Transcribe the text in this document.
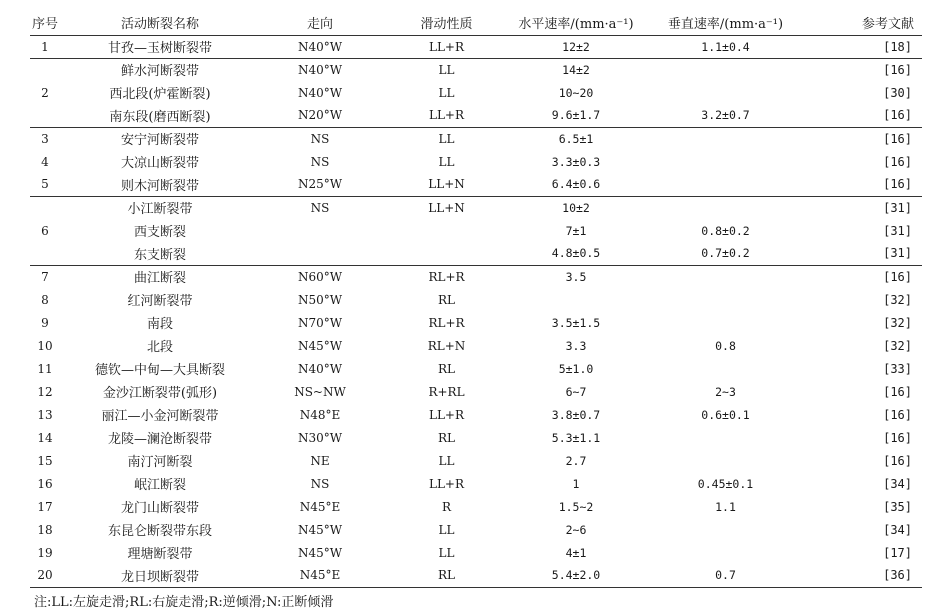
序号	活动断裂名称	走向	滑动性质	水平速率/(mm·a⁻¹)	垂直速率/(mm·a⁻¹)	参考文献
1	甘孜—玉树断裂带	N40°W	LL+R	12±2	1.1±0.4	[18]
	鲜水河断裂带	N40°W	LL	14±2		[16]
2	西北段(炉霍断裂)	N40°W	LL	10~20		[30]
	南东段(磨西断裂)	N20°W	LL+R	9.6±1.7	3.2±0.7	[16]
3	安宁河断裂带	NS	LL	6.5±1		[16]
4	大凉山断裂带	NS	LL	3.3±0.3		[16]
5	则木河断裂带	N25°W	LL+N	6.4±0.6		[16]
	小江断裂带	NS	LL+N	10±2		[31]
6	西支断裂			7±1	0.8±0.2	[31]
	东支断裂			4.8±0.5	0.7±0.2	[31]
7	曲江断裂	N60°W	RL+R	3.5		[16]
8	红河断裂带	N50°W	RL			[32]
9	南段	N70°W	RL+R	3.5±1.5		[32]
10	北段	N45°W	RL+N	3.3	0.8	[32]
11	德钦—中甸—大具断裂	N40°W	RL	5±1.0		[33]
12	金沙江断裂带(弧形)	NS~NW	R+RL	6~7	2~3	[16]
13	丽江—小金河断裂带	N48°E	LL+R	3.8±0.7	0.6±0.1	[16]
14	龙陵—澜沧断裂带	N30°W	RL	5.3±1.1		[16]
15	南汀河断裂	NE	LL	2.7		[16]
16	岷江断裂	NS	LL+R	1	0.45±0.1	[34]
17	龙门山断裂带	N45°E	R	1.5~2	1.1	[35]
18	东昆仑断裂带东段	N45°W	LL	2~6		[34]
19	理塘断裂带	N45°W	LL	4±1		[17]
20	龙日坝断裂带	N45°E	RL	5.4±2.0	0.7	[36]
注:LL:左旋走滑;RL:右旋走滑;R:逆倾滑;N:正断倾滑
